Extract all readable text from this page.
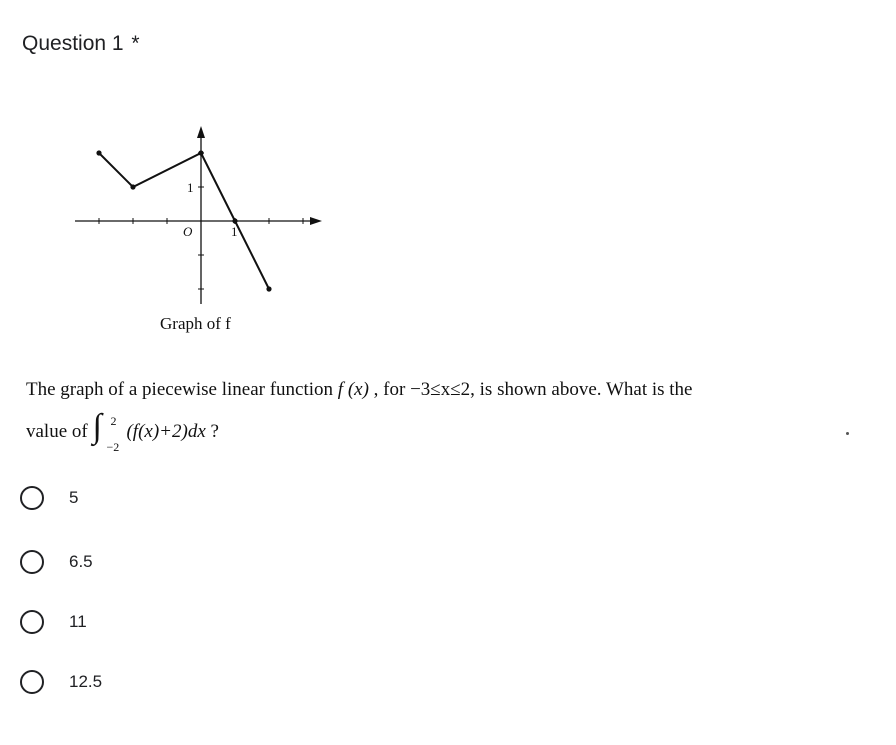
Question 1 *
1
O	1
Graph of f
The graph of a piecewise linear function f (x) , for −3≤x≤2, is shown above. What is the
value of ∫ 2
−2
(f(x)+2)dx ?
5
6.5
11
12.5
